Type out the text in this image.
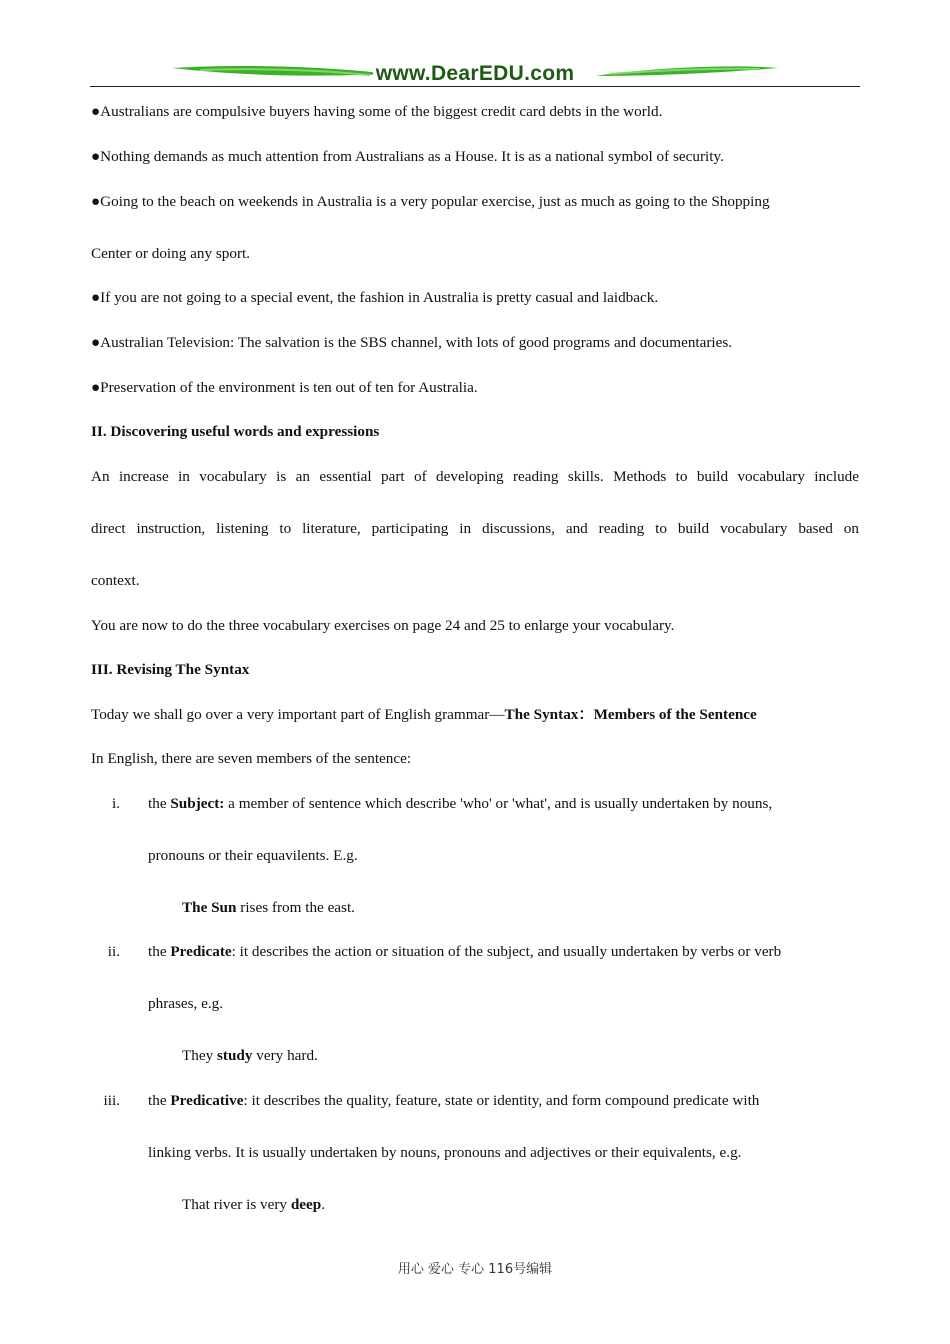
www.DearEDU.com
●Australians are compulsive buyers having some of the biggest credit card debts in the world.
●Nothing demands as much attention from Australians as a House. It is as a national symbol of security.
●Going to the beach on weekends in Australia is a very popular exercise, just as much as going to the Shopping
Center or doing any sport.
●If you are not going to a special event, the fashion in Australia is pretty casual and laidback.
●Australian Television: The salvation is the SBS channel, with lots of good programs and documentaries.
●Preservation of the environment is ten out of ten for Australia.
II. Discovering useful words and expressions
An increase in vocabulary is an essential part of developing reading skills. Methods to build vocabulary include
direct instruction, listening to literature, participating in discussions, and reading to build vocabulary based on
context.
You are now to do the three vocabulary exercises on page 24 and 25 to enlarge your vocabulary.
III. Revising The Syntax
Today we shall go over a very important part of English grammar—The Syntax：Members of the Sentence
In English, there are seven members of the sentence:
i. the Subject: a member of sentence which describe 'who' or 'what', and is usually undertaken by nouns,
pronouns or their equavilents. E.g.
The Sun rises from the east.
ii. the Predicate: it describes the action or situation of the subject, and usually undertaken by verbs or verb
phrases, e.g.
They study very hard.
iii. the Predicative: it describes the quality, feature, state or identity, and form compound predicate with
linking verbs. It is usually undertaken by nouns, pronouns and adjectives or their equivalents, e.g.
That river is very deep.
用心 爱心 专心 116号编辑
